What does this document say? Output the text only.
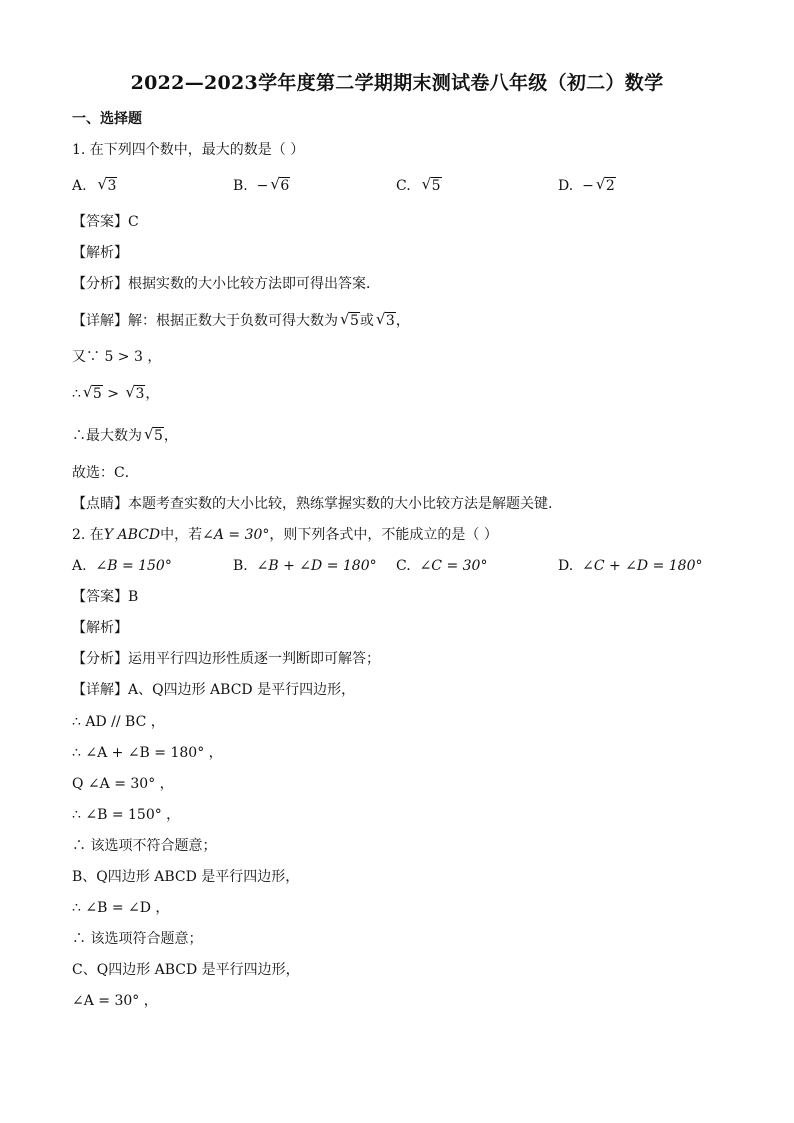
2022—2023学年度第二学期期末测试卷八年级（初二）数学
一、选择题
1. 在下列四个数中，最大的数是（ ）
A. √ 3	B. − √ 6	C. √ 5	D. − √ 2
【答案】C
【解析】
【分析】根据实数的大小比较方法即可得出答案．
【详解】解：根据正数大于负数可得大数为 √ 5或 √ 3，
又∵ 5 > 3 ，
∴ √ 5 > √ 3，
∴最大数为 √ 5，
故选：C．
【点睛】本题考查实数的大小比较，熟练掌握实数的大小比较方法是解题关键.
2. 在Y ABCD中，若∠A = 30°，则下列各式中，不能成立的是（ ）
A. ∠B = 150°	B. ∠B + ∠D = 180° C. ∠C = 30°	D. ∠C + ∠D = 180°
【答案】B
【解析】
【分析】运用平行四边形性质逐一判断即可解答；
【详解】A、Q四边形 ABCD 是平行四边形，
∴ AD // BC ，
∴ ∠A + ∠B = 180° ，
Q ∠A = 30° ，
∴ ∠B = 150° ，
∴ 该选项不符合题意；
B、Q四边形 ABCD 是平行四边形，
∴ ∠B = ∠D ，
∴ 该选项符合题意；
C、Q四边形 ABCD 是平行四边形，
∠A = 30° ，
